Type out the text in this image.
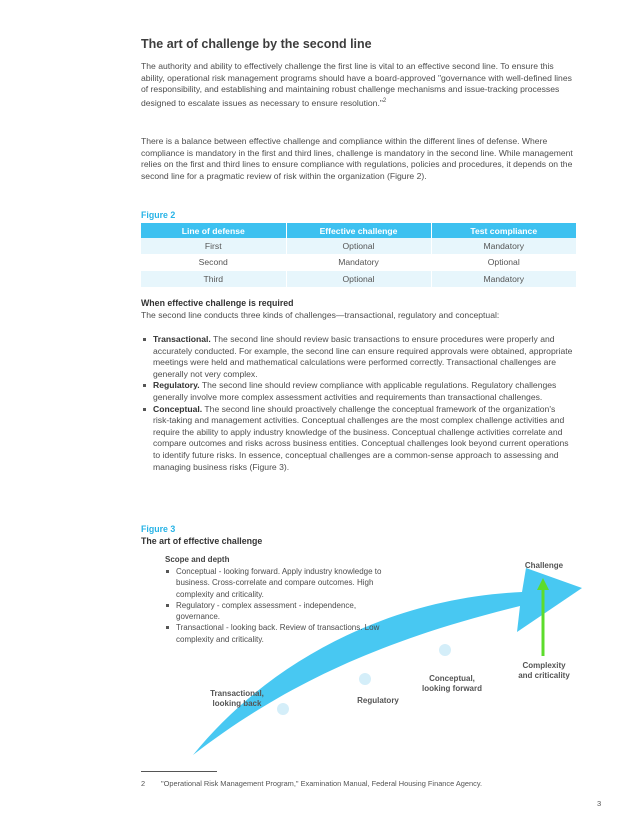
The art of challenge by the second line

The authority and ability to effectively challenge the first line is vital to an effective second line. To ensure this ability, operational risk management programs should have a board-approved "governance with well-defined lines of responsibility, and establishing and maintaining robust challenge mechanisms and issue-tracking processes designed to escalate issues as necessary to ensure resolution."$^2$

There is a balance between effective challenge and compliance within the different lines of defense. Where compliance is mandatory in the first and third lines, challenge is mandatory in the second line. While management relies on the first and third lines to ensure compliance with regulations, policies and procedures, it depends on the second line for a pragmatic review of risk within the organization (Figure 2).

Figure 2
Line of defense	Effective challenge	Test compliance
First	Optional	Mandatory
Second	Mandatory	Optional
Third	Optional	Mandatory
When effective challenge is required

The second line conducts three kinds of challenges—transactional, regulatory and conceptual:

Transactional. The second line should review basic transactions to ensure procedures were properly and accurately conducted. For example, the second line can ensure required approvals were obtained, appropriate meetings were held and mathematical calculations were performed correctly. Transactional challenges are generally not very complex.
Regulatory. The second line should review compliance with applicable regulations. Regulatory challenges generally involve more complex assessment activities and requirements than transactional challenges.
Conceptual. The second line should proactively challenge the conceptual framework of the organization's risk-taking and management activities. Conceptual challenges are the most complex challenge activities and require the ability to apply industry knowledge of the business. Conceptual challenge activities correlate and compare outcomes and risks across business entities. Conceptual challenges look beyond current operations to identify future risks. In essence, conceptual challenges are a common-sense approach to assessing and managing business risks (Figure 3).
Figure 3
The art of effective challenge
Scope and depth
Conceptual - looking forward. Apply industry knowledge to business. Cross-correlate and compare outcomes. High complexity and criticality.
Regulatory - complex assessment - independence, governance.
Transactional - looking back. Review of transactions. Low complexity and criticality.
Challenge
Complexity
and criticality
Transactional,
looking back	Regulatory
Conceptual,
looking forward
2 "Operational Risk Management Program," Examination Manual, Federal Housing Finance Agency.
3
